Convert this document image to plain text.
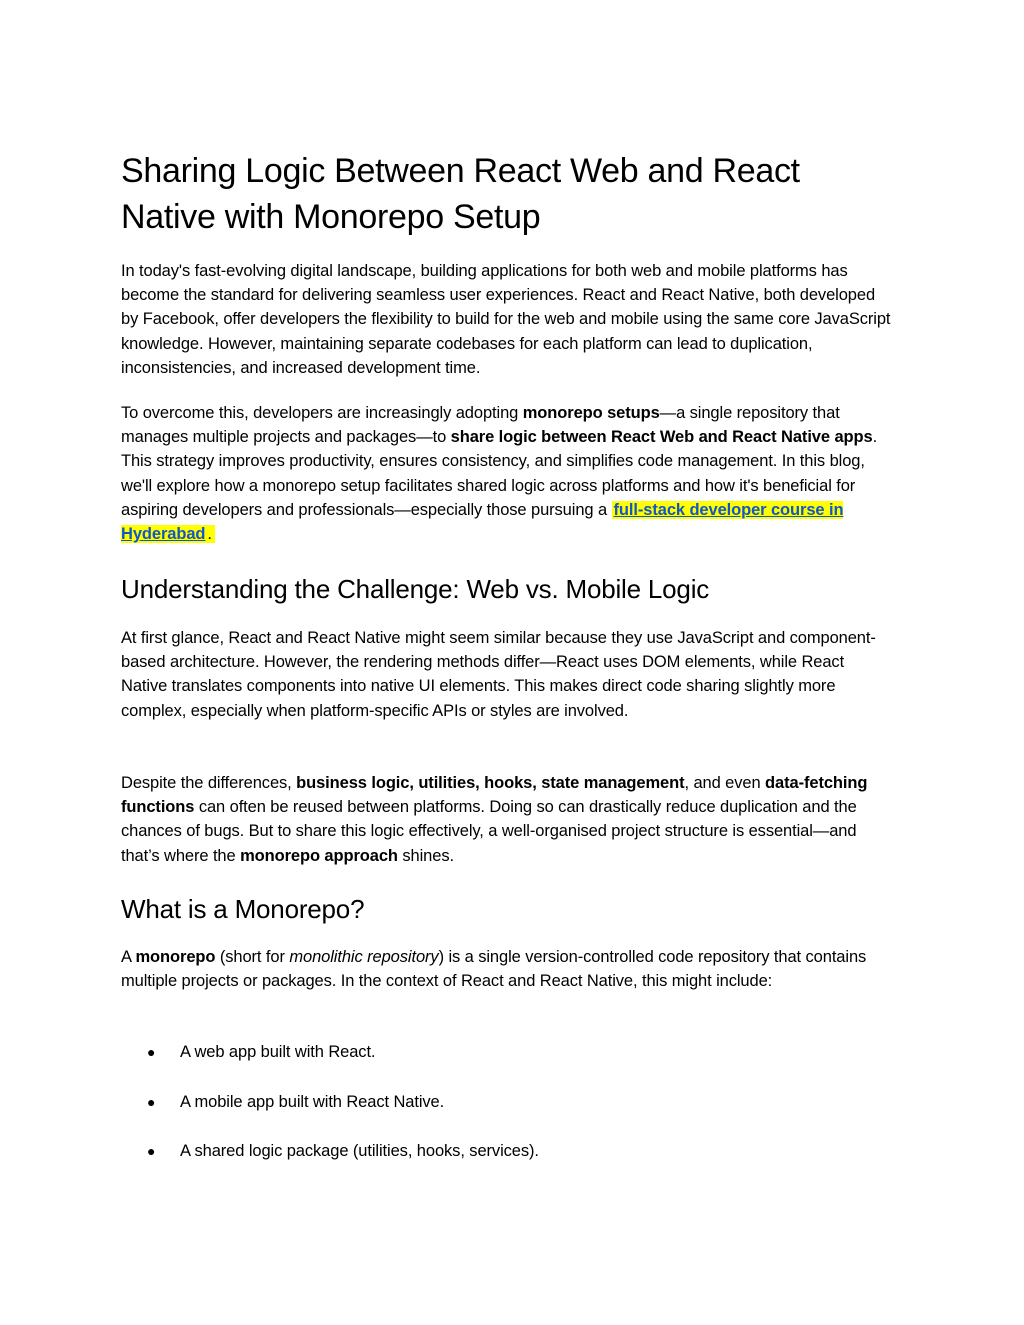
Sharing Logic Between React Web and React Native with Monorepo Setup

In today's fast-evolving digital landscape, building applications for both web and mobile platforms has become the standard for delivering seamless user experiences. React and React Native, both developed by Facebook, offer developers the flexibility to build for the web and mobile using the same core JavaScript knowledge. However, maintaining separate codebases for each platform can lead to duplication, inconsistencies, and increased development time.

To overcome this, developers are increasingly adopting monorepo setups—a single repository that manages multiple projects and packages—to share logic between React Web and React Native apps. This strategy improves productivity, ensures consistency, and simplifies code management. In this blog, we'll explore how a monorepo setup facilitates shared logic across platforms and how it's beneficial for aspiring developers and professionals—especially those pursuing a full-stack developer course in Hyderabad .

Understanding the Challenge: Web vs. Mobile Logic

At first glance, React and React Native might seem similar because they use JavaScript and component-based architecture. However, the rendering methods differ—React uses DOM elements, while React Native translates components into native UI elements. This makes direct code sharing slightly more complex, especially when platform-specific APIs or styles are involved.

Despite the differences, business logic, utilities, hooks, state management, and even data-fetching functions can often be reused between platforms. Doing so can drastically reduce duplication and the chances of bugs. But to share this logic effectively, a well-organised project structure is essential—and that’s where the monorepo approach shines.

What is a Monorepo?

A monorepo (short for monolithic repository) is a single version-controlled code repository that contains multiple projects or packages. In the context of React and React Native, this might include:

● A web app built with React.
● A mobile app built with React Native.
● A shared logic package (utilities, hooks, services).
